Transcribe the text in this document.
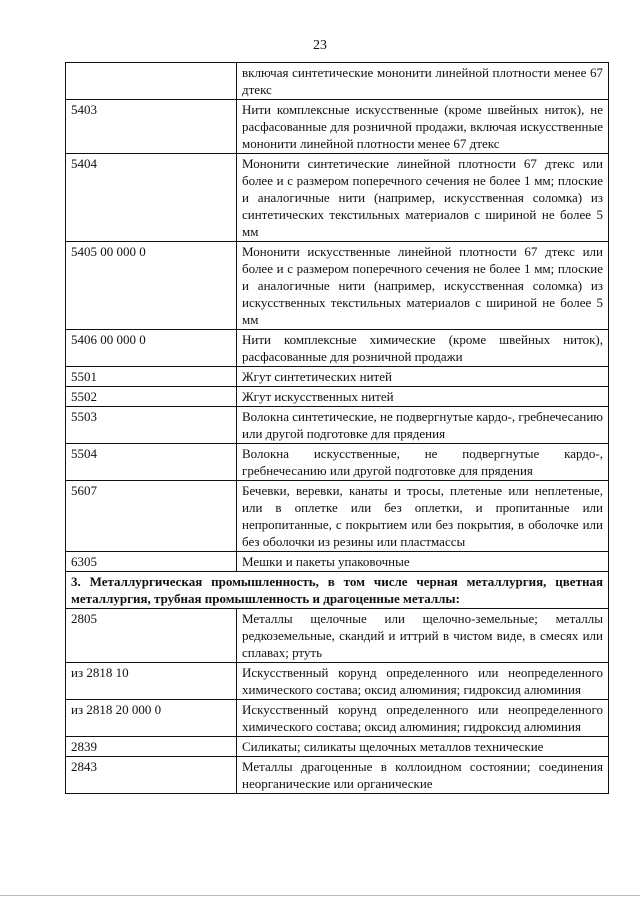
23
	включая синтетические мононити линейной плотности менее 67 дтекс
5403	Нити комплексные искусственные (кроме швейных ниток), не расфасованные для розничной продажи, включая искусственные мононити линейной плотности менее 67 дтекс
5404	Мононити синтетические линейной плотности 67 дтекс или более и с размером поперечного сечения не более 1 мм; плоские и аналогичные нити (например, искусственная соломка) из синтетических текстильных материалов с шириной не более 5 мм
5405 00 000 0	Мононити искусственные линейной плотности 67 дтекс или более и с размером поперечного сечения не более 1 мм; плоские и аналогичные нити (например, искусственная соломка) из искусственных текстильных материалов с шириной не более 5 мм
5406 00 000 0	Нити комплексные химические (кроме швейных ниток), расфасованные для розничной продажи
5501	Жгут синтетических нитей
5502	Жгут искусственных нитей
5503	Волокна синтетические, не подвергнутые кардо-, гребнечесанию или другой подготовке для прядения
5504	Волокна искусственные, не подвергнутые кардо-, гребнечесанию или другой подготовке для прядения
5607	Бечевки, веревки, канаты и тросы, плетеные или неплетеные, или в оплетке или без оплетки, и пропитанные или непропитанные, с покрытием или без покрытия, в оболочке или без оболочки из резины или пластмассы
6305	Мешки и пакеты упаковочные
3. Металлургическая промышленность, в том числе черная металлургия, цветная металлургия, трубная промышленность и драгоценные металлы:	
2805	Металлы щелочные или щелочно-земельные; металлы редкоземельные, скандий и иттрий в чистом виде, в смесях или сплавах; ртуть
из 2818 10	Искусственный корунд определенного или неопределенного химического состава; оксид алюминия; гидроксид алюминия
из 2818 20 000 0	Искусственный корунд определенного или неопределенного химического состава; оксид алюминия; гидроксид алюминия
2839	Силикаты; силикаты щелочных металлов технические
2843	Металлы драгоценные в коллоидном состоянии; соединения неорганические или органические
